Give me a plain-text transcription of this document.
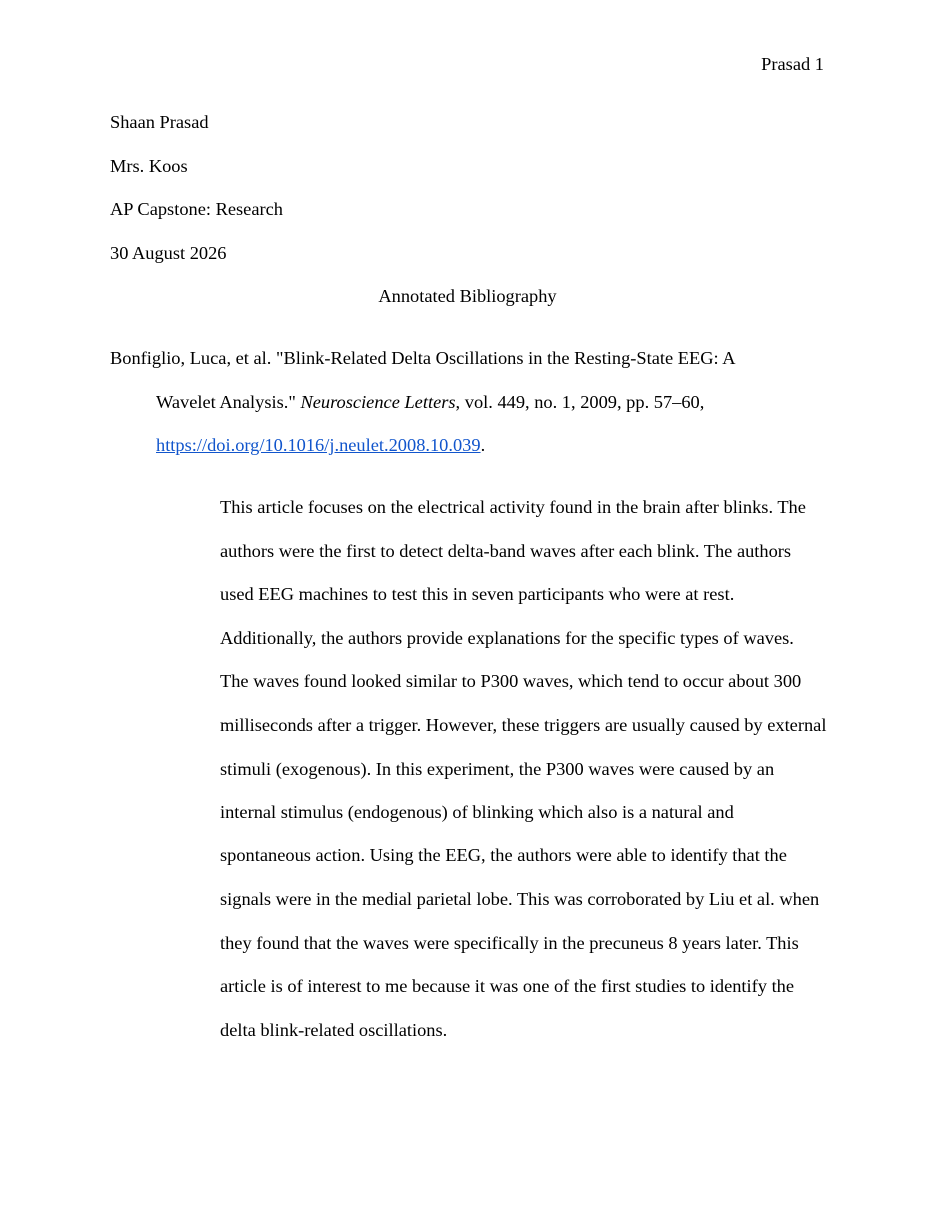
Prasad 1
Shaan Prasad
Mrs. Koos
AP Capstone: Research
30 August 2026
Annotated Bibliography
Bonfiglio, Luca, et al. "Blink-Related Delta Oscillations in the Resting-State EEG: A
Wavelet Analysis." Neuroscience Letters, vol. 449, no. 1, 2009, pp. 57–60,
https://doi.org/10.1016/j.neulet.2008.10.039.
This article focuses on the electrical activity found in the brain after blinks. The
authors were the first to detect delta-band waves after each blink. The authors
used EEG machines to test this in seven participants who were at rest.
Additionally, the authors provide explanations for the specific types of waves.
The waves found looked similar to P300 waves, which tend to occur about 300
milliseconds after a trigger. However, these triggers are usually caused by external
stimuli (exogenous). In this experiment, the P300 waves were caused by an
internal stimulus (endogenous) of blinking which also is a natural and
spontaneous action. Using the EEG, the authors were able to identify that the
signals were in the medial parietal lobe. This was corroborated by Liu et al. when
they found that the waves were specifically in the precuneus 8 years later. This
article is of interest to me because it was one of the first studies to identify the
delta blink-related oscillations.
